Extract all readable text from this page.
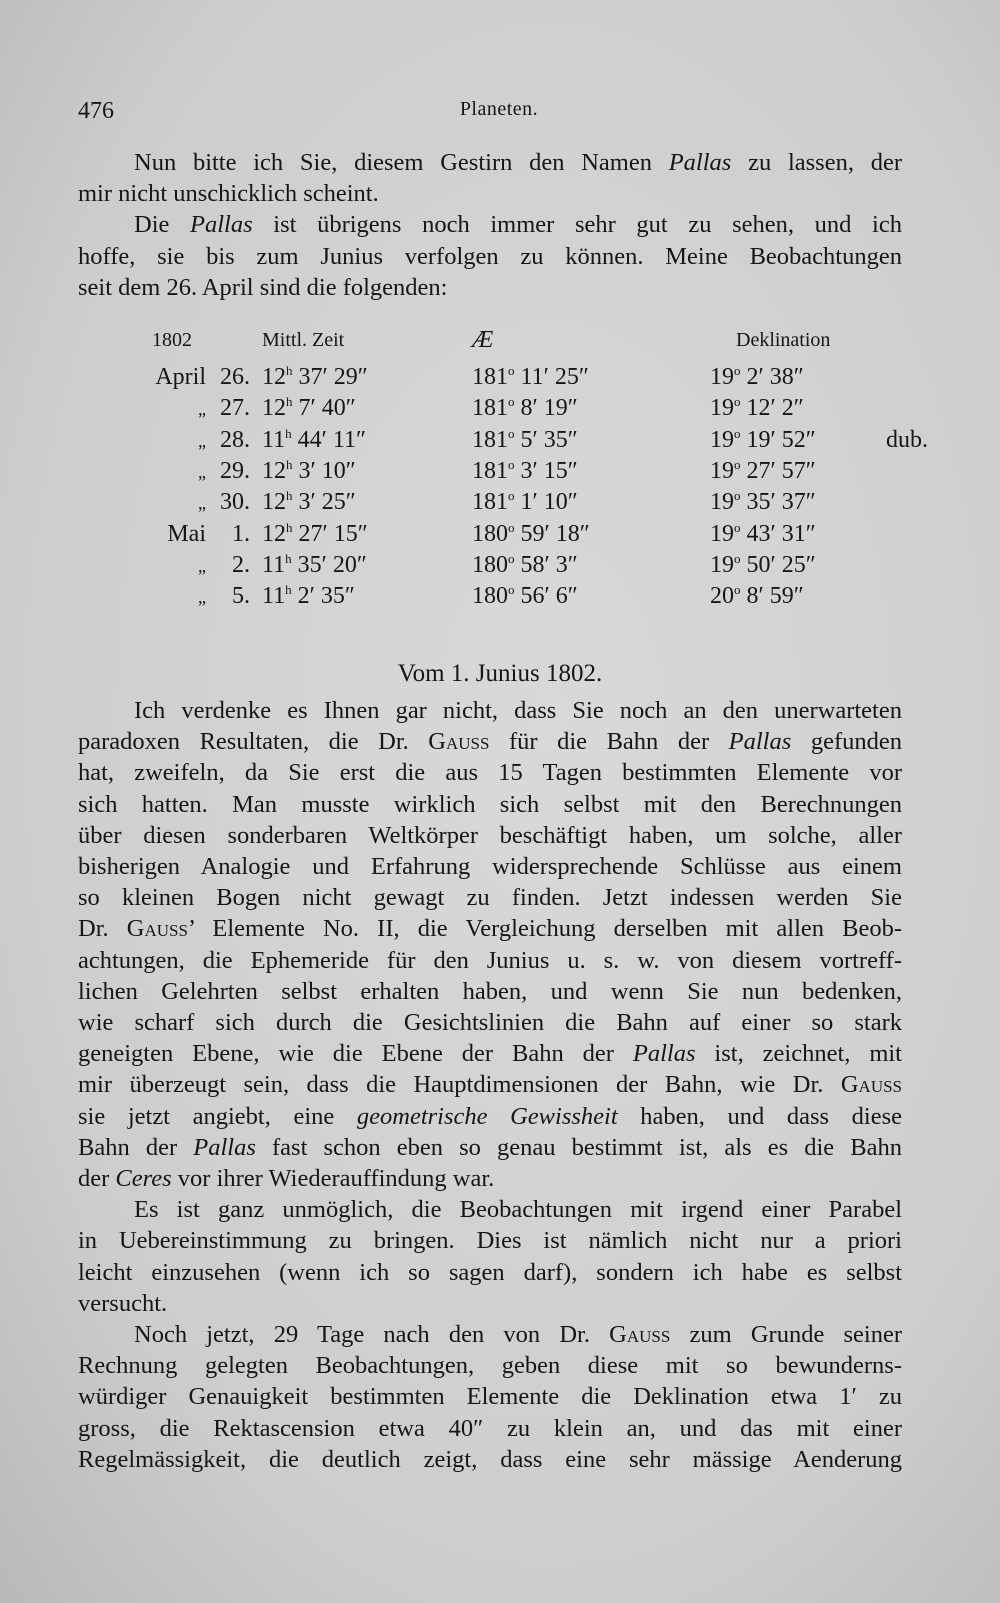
476	Planeten.
Nun bitte ich Sie, diesem Gestirn den Namen Pallas zu lassen, der
mir nicht unschicklich scheint.
Die Pallas ist übrigens noch immer sehr gut zu sehen, und ich
hoffe, sie bis zum Junius verfolgen zu können. Meine Beobachtungen
seit dem 26. April sind die folgenden:
1802		Mittl. Zeit	Æ	Deklination	
April	26.	12$^h$ 37′ 29″	181$^o$ 11′ 25″	19$^o$ 2′ 38″	
„	27.	12$^h$ 7′ 40″	181$^o$ 8′ 19″	19$^o$ 12′ 2″	
„	28.	11$^h$ 44′ 11″	181$^o$ 5′ 35″	19$^o$ 19′ 52″	dub.
„	29.	12$^h$ 3′ 10″	181$^o$ 3′ 15″	19$^o$ 27′ 57″	
„	30.	12$^h$ 3′ 25″	181$^o$ 1′ 10″	19$^o$ 35′ 37″	
Mai	1.	12$^h$ 27′ 15″	180$^o$ 59′ 18″	19$^o$ 43′ 31″	
„	2.	11$^h$ 35′ 20″	180$^o$ 58′ 3″	19$^o$ 50′ 25″	
„	5.	11$^h$ 2′ 35″	180$^o$ 56′ 6″	20$^o$ 8′ 59″	
Vom 1. Junius 1802.
Ich verdenke es Ihnen gar nicht, dass Sie noch an den unerwarteten
paradoxen Resultaten, die Dr. Gauss für die Bahn der Pallas gefunden
hat, zweifeln, da Sie erst die aus 15 Tagen bestimmten Elemente vor
sich hatten. Man musste wirklich sich selbst mit den Berechnungen
über diesen sonderbaren Weltkörper beschäftigt haben, um solche, aller
bisherigen Analogie und Erfahrung widersprechende Schlüsse aus einem
so kleinen Bogen nicht gewagt zu finden. Jetzt indessen werden Sie
Dr. Gauss’ Elemente No. II, die Vergleichung derselben mit allen Beob-
achtungen, die Ephemeride für den Junius u. s. w. von diesem vortreff-
lichen Gelehrten selbst erhalten haben, und wenn Sie nun bedenken,
wie scharf sich durch die Gesichtslinien die Bahn auf einer so stark
geneigten Ebene, wie die Ebene der Bahn der Pallas ist, zeichnet, mit
mir überzeugt sein, dass die Hauptdimensionen der Bahn, wie Dr. Gauss
sie jetzt angiebt, eine geometrische Gewissheit haben, und dass diese
Bahn der Pallas fast schon eben so genau bestimmt ist, als es die Bahn
der Ceres vor ihrer Wiederauffindung war.
Es ist ganz unmöglich, die Beobachtungen mit irgend einer Parabel
in Uebereinstimmung zu bringen. Dies ist nämlich nicht nur a priori
leicht einzusehen (wenn ich so sagen darf), sondern ich habe es selbst
versucht.
Noch jetzt, 29 Tage nach den von Dr. Gauss zum Grunde seiner
Rechnung gelegten Beobachtungen, geben diese mit so bewunderns-
würdiger Genauigkeit bestimmten Elemente die Deklination etwa 1′ zu
gross, die Rektascension etwa 40″ zu klein an, und das mit einer
Regelmässigkeit, die deutlich zeigt, dass eine sehr mässige Aenderung
